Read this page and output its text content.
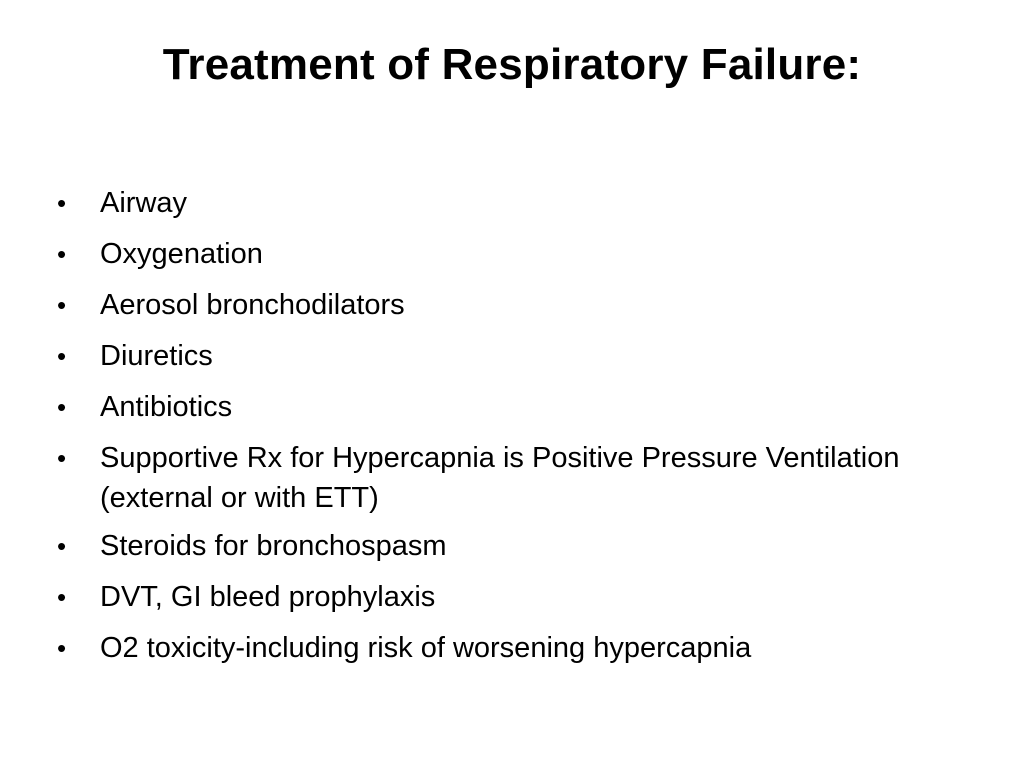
Treatment of Respiratory Failure:
•	Airway
•	Oxygenation
•	Aerosol bronchodilators
•	Diuretics
•	Antibiotics
•	Supportive Rx for Hypercapnia is Positive Pressure Ventilation (external or with ETT)
•	Steroids for bronchospasm
•	DVT, GI bleed prophylaxis
•	O2 toxicity-including risk of worsening hypercapnia
